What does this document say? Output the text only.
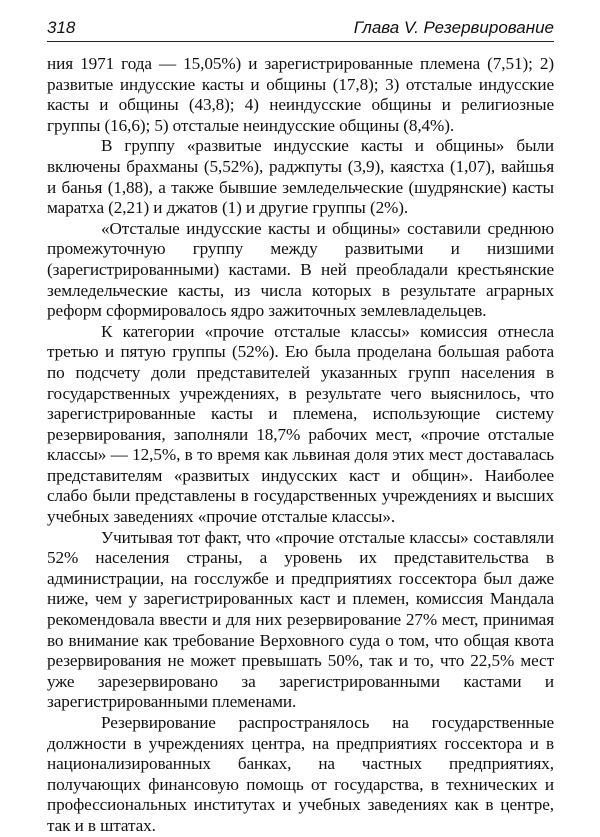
318	Глава V. Резервирование

ния 1971 года — 15,05%) и зарегистрированные племена (7,51); 2) развитые индусские касты и общины (17,8); 3) отсталые индусские касты и общины (43,8); 4) неиндусские общины и религиозные группы (16,6); 5) отсталые неиндусские общины (8,4%).

В группу «развитые индусские касты и общины» были включены брахманы (5,52%), раджпуты (3,9), каястха (1,07), вайшья и банья (1,88), а также бывшие земледельческие (шудрянские) касты маратха (2,21) и джатов (1) и другие группы (2%).

«Отсталые индусские касты и общины» составили среднюю промежуточную группу между развитыми и низшими (зарегистрированными) кастами. В ней преобладали крестьянские земледельческие касты, из числа которых в результате аграрных реформ сформировалось ядро зажиточных землевладельцев.

К категории «прочие отсталые классы» комиссия отнесла третью и пятую группы (52%). Ею была проделана большая работа по подсчету доли представителей указанных групп населения в государственных учреждениях, в результате чего выяснилось, что зарегистрированные касты и племена, использующие систему резервирования, заполняли 18,7% рабочих мест, «прочие отсталые классы» — 12,5%, в то время как львиная доля этих мест доставалась представителям «развитых индусских каст и общин». Наиболее слабо были представлены в государственных учреждениях и высших учебных заведениях «прочие отсталые классы».

Учитывая тот факт, что «прочие отсталые классы» составляли 52% населения страны, а уровень их представительства в администрации, на госслужбе и предприятиях госсектора был даже ниже, чем у зарегистрированных каст и племен, комиссия Мандала рекомендовала ввести и для них резервирование 27% мест, принимая во внимание как требование Верховного суда о том, что общая квота резервирования не может превышать 50%, так и то, что 22,5% мест уже зарезервировано за зарегистрированными кастами и зарегистрированными племенами.

Резервирование распространялось на государственные должности в учреждениях центра, на предприятиях госсектора и в национализированных банках, на частных предприятиях, получающих финансовую помощь от государства, в технических и профессиональных институтах и учебных заведениях как в центре, так и в штатах.
